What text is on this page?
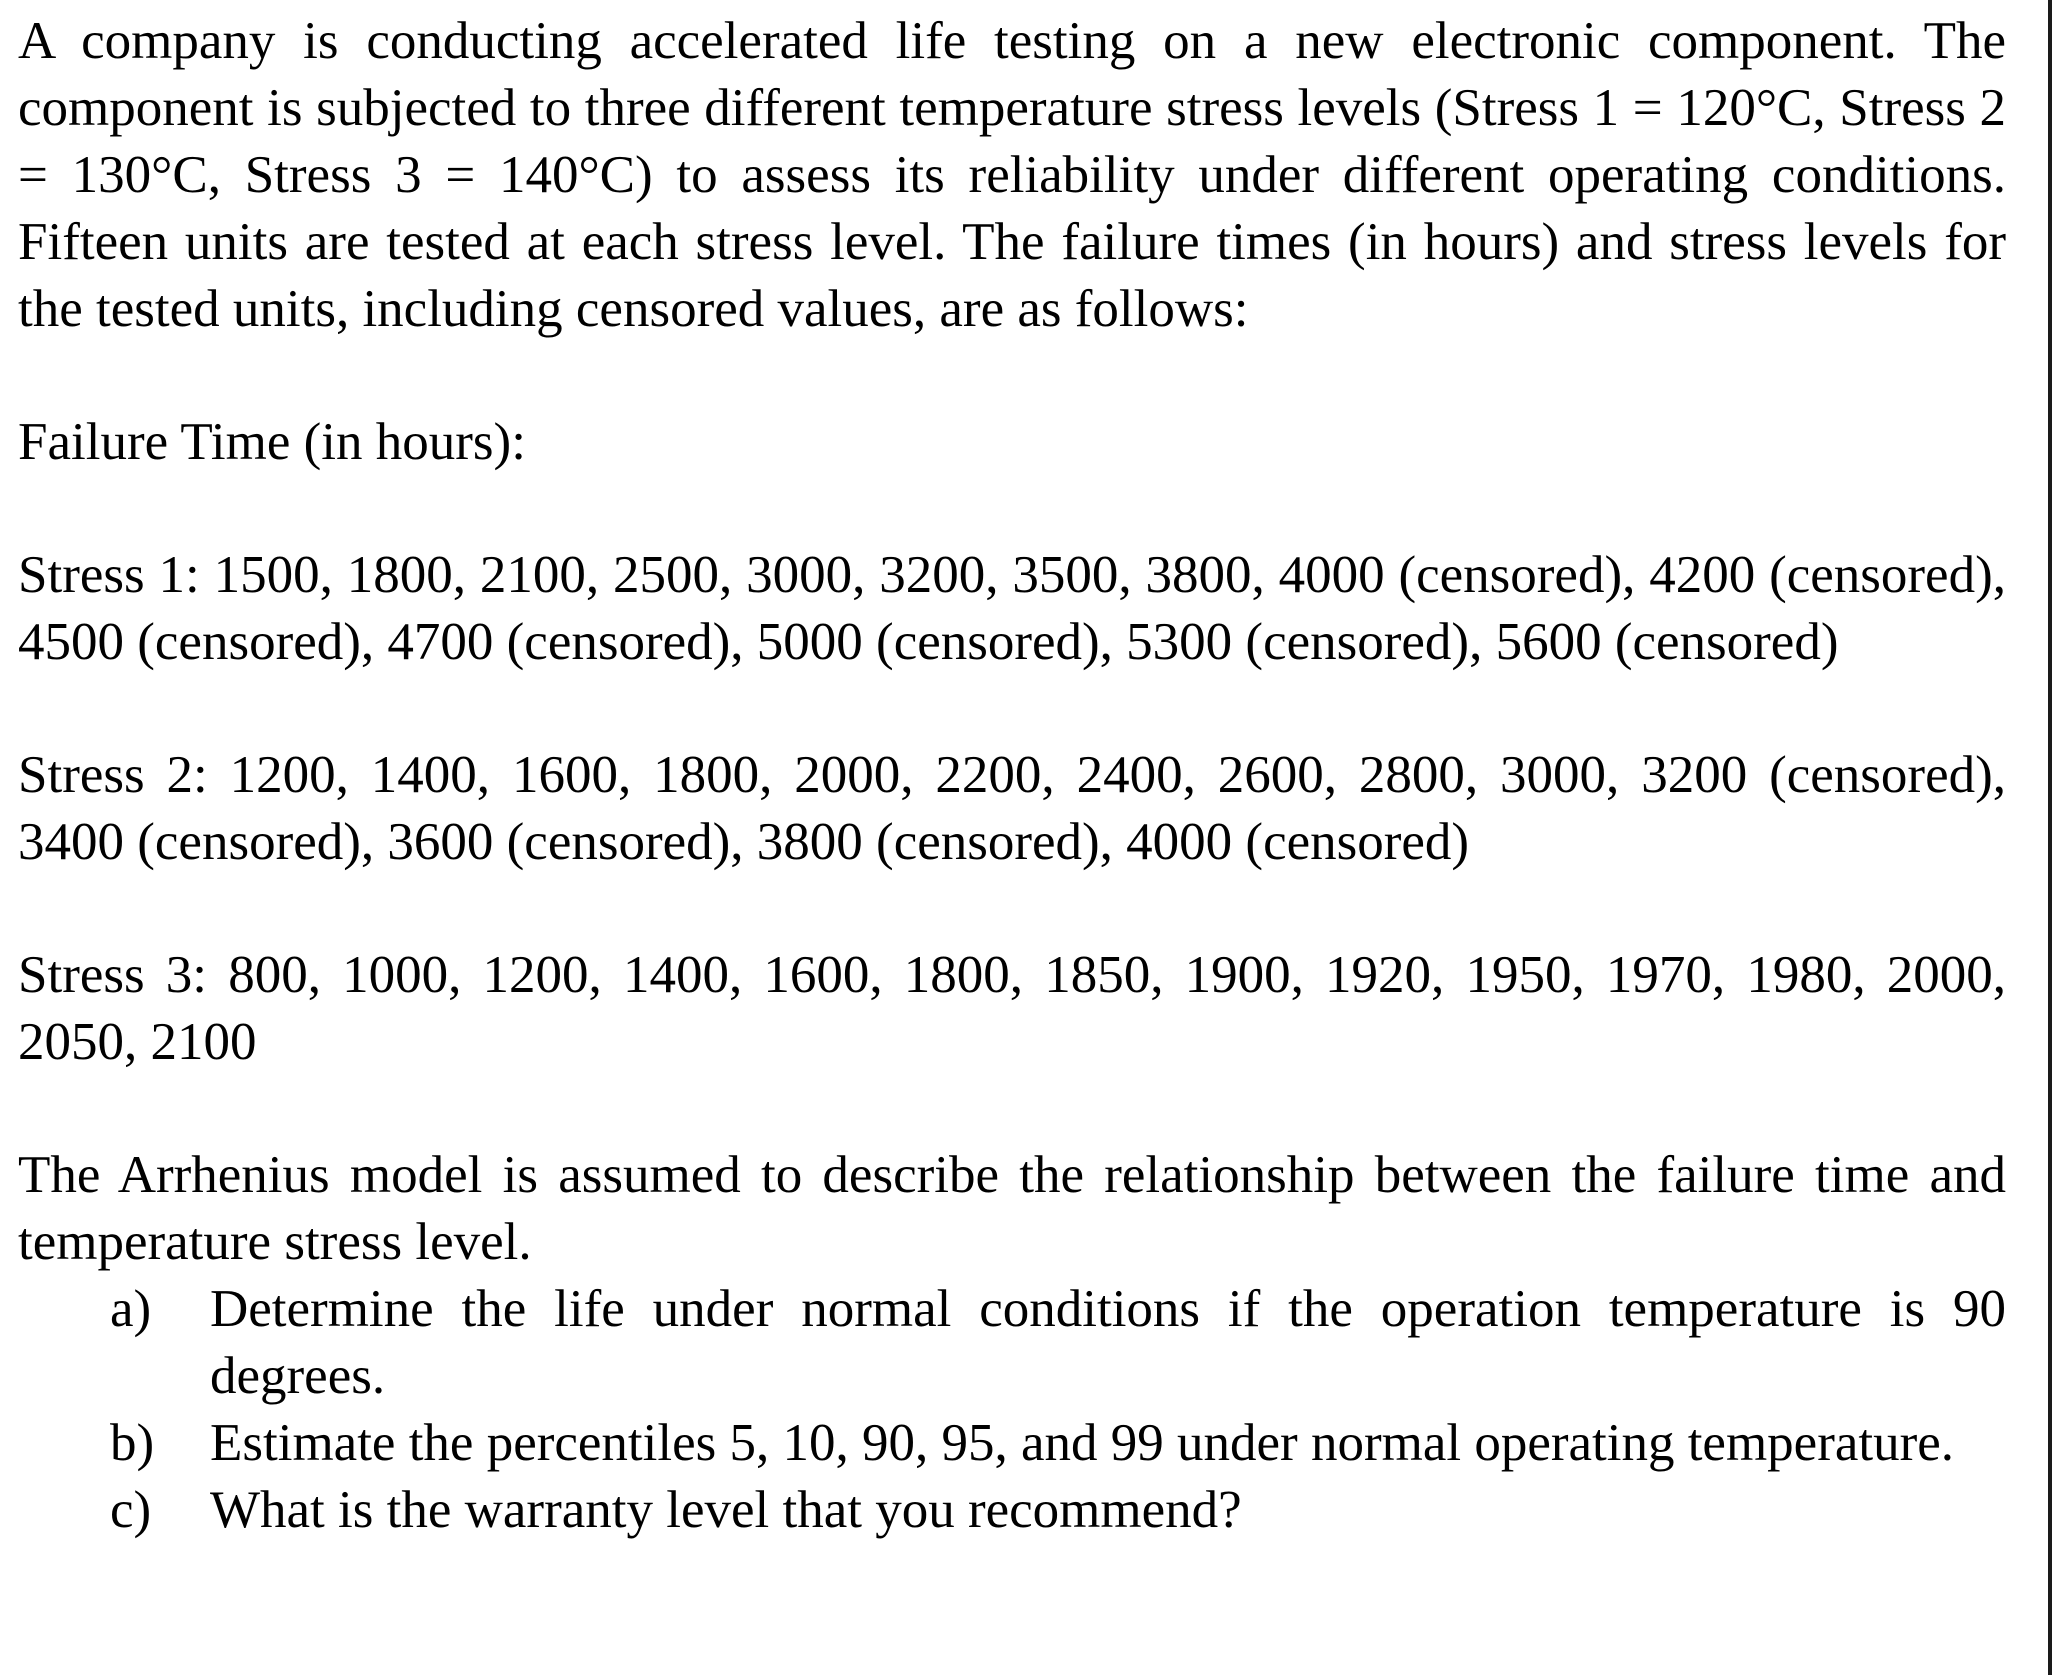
A company is conducting accelerated life testing on a new electronic component. The component is subjected to three different temperature stress levels (Stress 1 = 120°C, Stress 2 = 130°C, Stress 3 = 140°C) to assess its reliability under different operating conditions. Fifteen units are tested at each stress level. The failure times (in hours) and stress levels for the tested units, including censored values, are as follows:

Failure Time (in hours):

Stress 1: 1500, 1800, 2100, 2500, 3000, 3200, 3500, 3800, 4000 (censored), 4200 (censored), 4500 (censored), 4700 (censored), 5000 (censored), 5300 (censored), 5600 (censored)

Stress 2: 1200, 1400, 1600, 1800, 2000, 2200, 2400, 2600, 2800, 3000, 3200 (censored), 3400 (censored), 3600 (censored), 3800 (censored), 4000 (censored)

Stress 3: 800, 1000, 1200, 1400, 1600, 1800, 1850, 1900, 1920, 1950, 1970, 1980, 2000, 2050, 2100

The Arrhenius model is assumed to describe the relationship between the failure time and temperature stress level.

a) Determine the life under normal conditions if the operation temperature is 90 degrees.
b) Estimate the percentiles 5, 10, 90, 95, and 99 under normal operating temperature.
c) What is the warranty level that you recommend?
